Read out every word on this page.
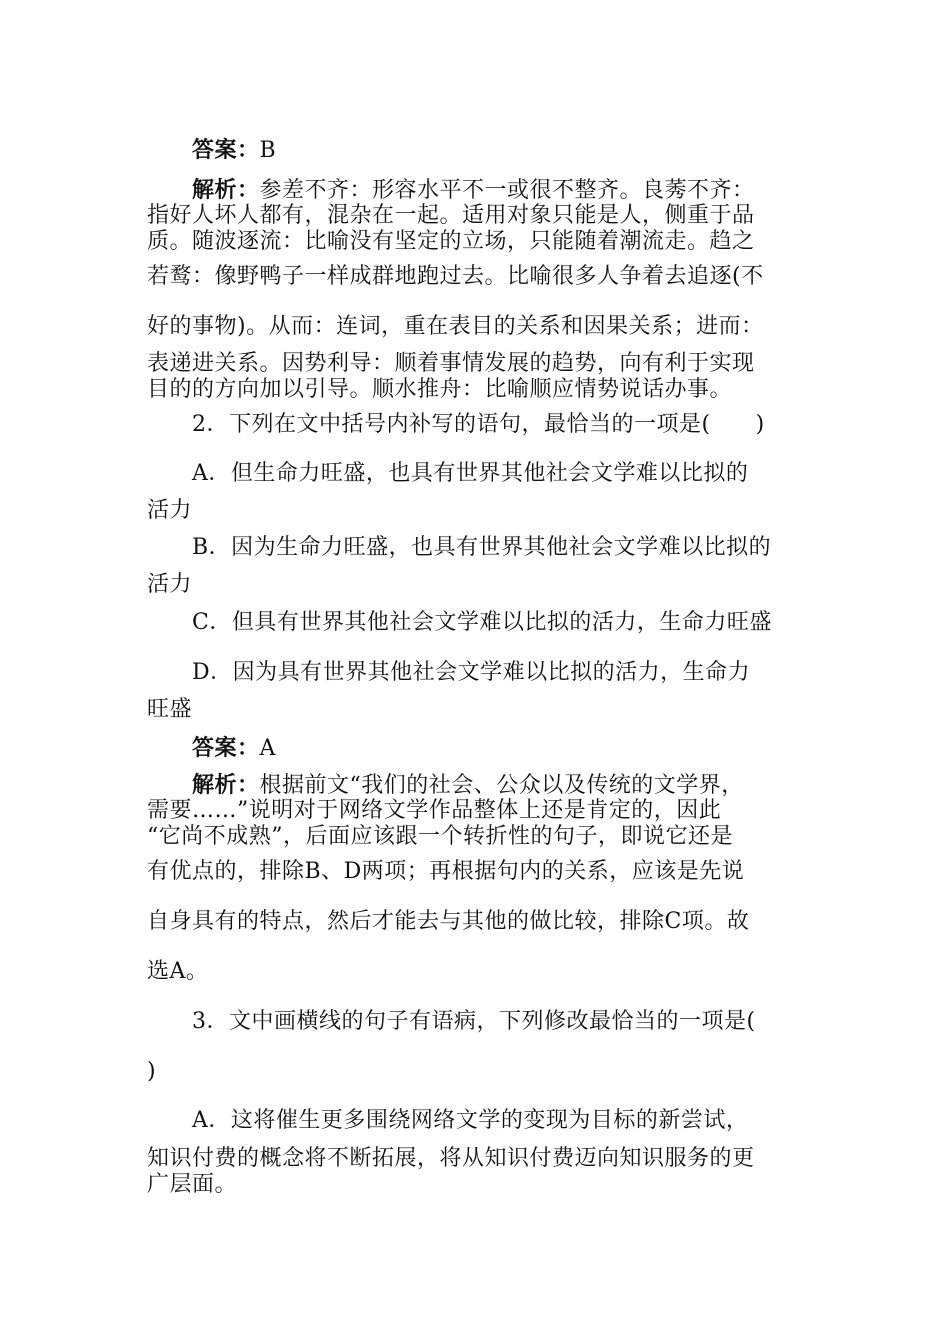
答案：B
解析：参差不齐：形容水平不一或很不整齐。良莠不齐：
指好人坏人都有，混杂在一起。适用对象只能是人，侧重于品
质。随波逐流：比喻没有坚定的立场，只能随着潮流走。趋之
若鹜：像野鸭子一样成群地跑过去。比喻很多人争着去追逐(不
好的事物)。从而：连词，重在表目的关系和因果关系；进而：
表递进关系。因势利导：顺着事情发展的趋势，向有利于实现
目的的方向加以引导。顺水推舟：比喻顺应情势说话办事。
2．下列在文中括号内补写的语句，最恰当的一项是(　　)
A．但生命力旺盛，也具有世界其他社会文学难以比拟的
活力
B．因为生命力旺盛，也具有世界其他社会文学难以比拟的
活力
C．但具有世界其他社会文学难以比拟的活力，生命力旺盛
D．因为具有世界其他社会文学难以比拟的活力，生命力
旺盛
答案：A
解析：根据前文“我们的社会、公众以及传统的文学界，
需要……”说明对于网络文学作品整体上还是肯定的，因此
“它尚不成熟”，后面应该跟一个转折性的句子，即说它还是
有优点的，排除B、D两项；再根据句内的关系，应该是先说
自身具有的特点，然后才能去与其他的做比较，排除C项。故
选A。
3．文中画横线的句子有语病，下列修改最恰当的一项是(
)
A．这将催生更多围绕网络文学的变现为目标的新尝试，
知识付费的概念将不断拓展，将从知识付费迈向知识服务的更
广层面。
